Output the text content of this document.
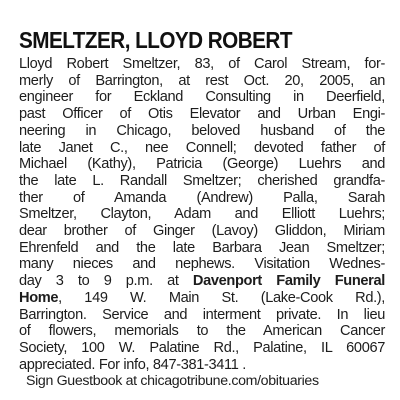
SMELTZER, LLOYD ROBERT
Lloyd Robert Smeltzer, 83, of Carol Stream, for-
merly of Barrington, at rest Oct. 20, 2005, an
engineer for Eckland Consulting in Deerfield,
past Officer of Otis Elevator and Urban Engi-
neering in Chicago, beloved husband of the
late Janet C., nee Connell; devoted father of
Michael (Kathy), Patricia (George) Luehrs and
the late L. Randall Smeltzer; cherished grandfa-
ther of Amanda (Andrew) Palla, Sarah
Smeltzer, Clayton, Adam and Elliott Luehrs;
dear brother of Ginger (Lavoy) Gliddon, Miriam
Ehrenfeld and the late Barbara Jean Smeltzer;
many nieces and nephews. Visitation Wednes-
day 3 to 9 p.m. at Davenport Family Funeral
Home, 149 W. Main St. (Lake-Cook Rd.),
Barrington. Service and interment private. In lieu
of flowers, memorials to the American Cancer
Society, 100 W. Palatine Rd., Palatine, IL 60067
appreciated. For info, 847-381-3411 .
Sign Guestbook at chicagotribune.com/obituaries
